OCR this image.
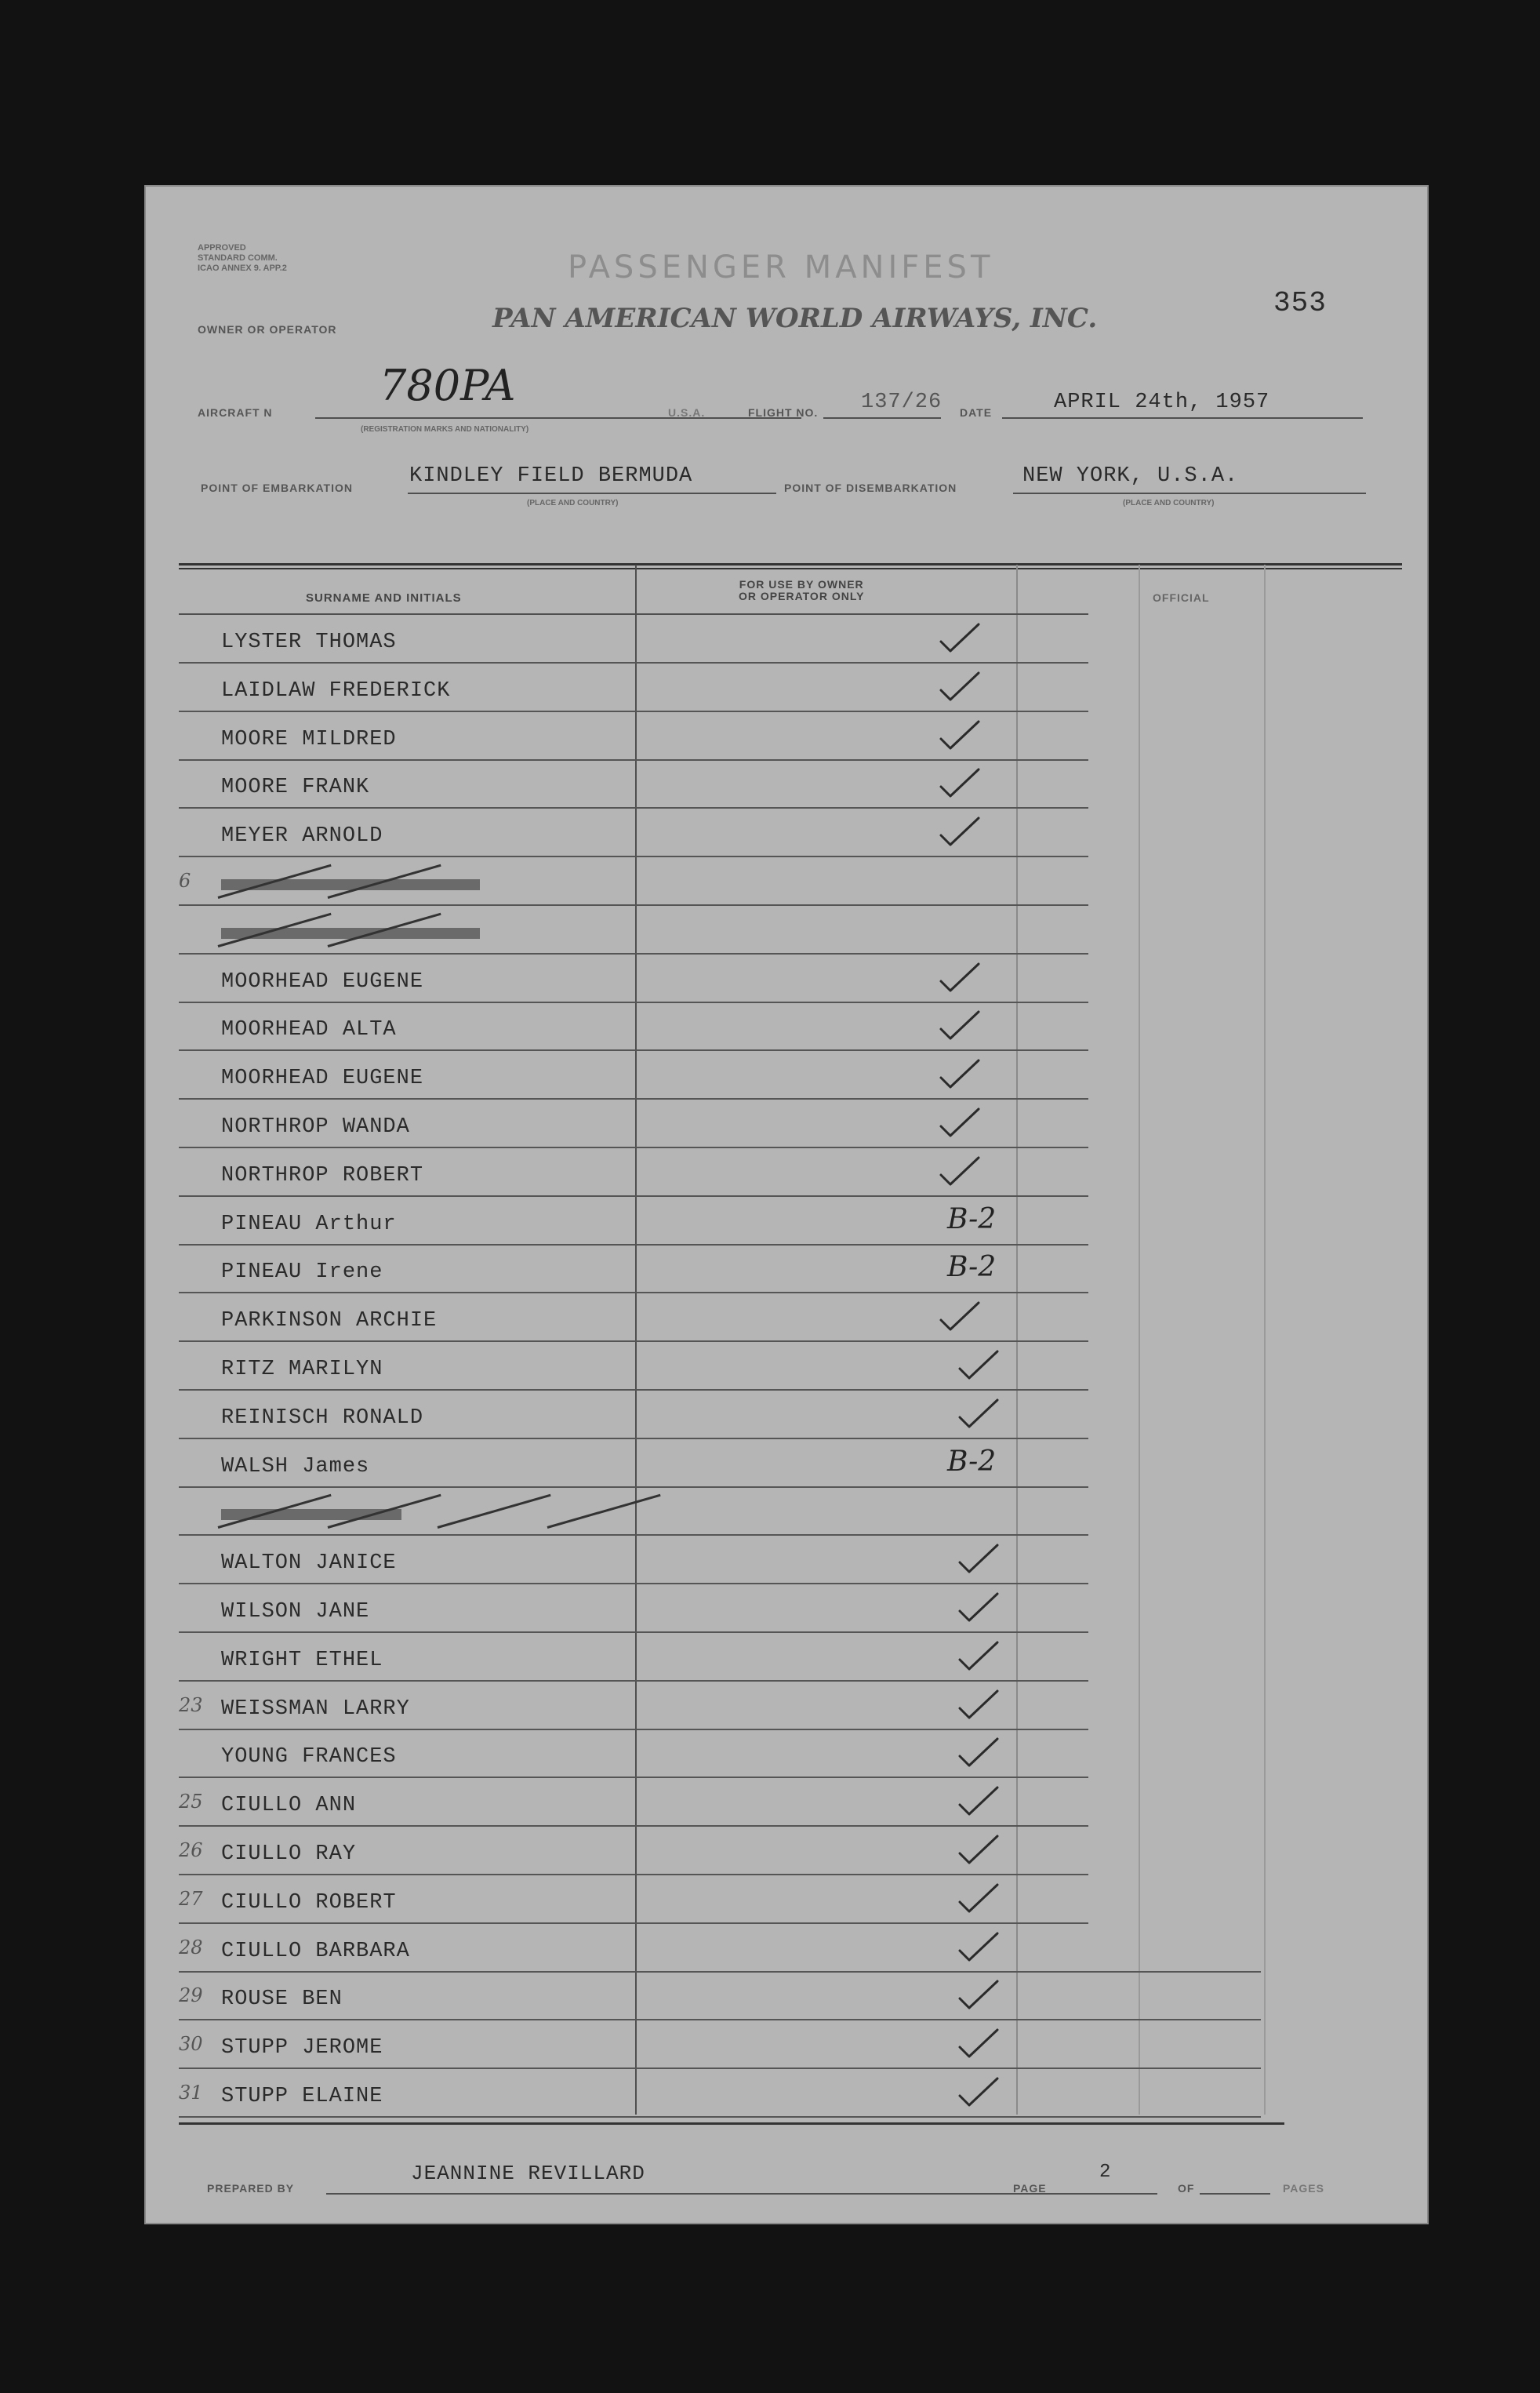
APPROVED
STANDARD COMM.
ICAO ANNEX 9. APP.2	PASSENGER MANIFEST
353
OWNER OR OPERATOR	PAN AMERICAN WORLD AIRWAYS, INC.
AIRCRAFT N
780PA
(REGISTRATION MARKS AND NATIONALITY)
U.S.A.	FLIGHT NO. 137/26 DATE	APRIL 24th, 1957
POINT OF EMBARKATION	KINDLEY FIELD BERMUDA
(PLACE AND COUNTRY)
POINT OF DISEMBARKATION	NEW YORK, U.S.A.
(PLACE AND COUNTRY)
SURNAME AND INITIALS
FOR USE BY OWNER
OR OPERATOR ONLY	OFFICIAL
LYSTER THOMAS
LAIDLAW FREDERICK
MOORE MILDRED
MOORE FRANK
MEYER ARNOLD
6
MOORHEAD EUGENE
MOORHEAD ALTA
MOORHEAD EUGENE
NORTHROP WANDA
NORTHROP ROBERT
PINEAU Arthur	B-2
PINEAU Irene	B-2
PARKINSON ARCHIE
RITZ MARILYN
REINISCH RONALD
WALSH James	B-2
WALTON JANICE
WILSON JANE
WRIGHT ETHEL
23 WEISSMAN LARRY
YOUNG FRANCES
25 CIULLO ANN
26 CIULLO RAY
27 CIULLO ROBERT
28 CIULLO BARBARA
29 ROUSE BEN
30 STUPP JEROME
31 STUPP ELAINE
PREPARED BY
JEANNINE REVILLARD
PAGE
2
OF	PAGES
